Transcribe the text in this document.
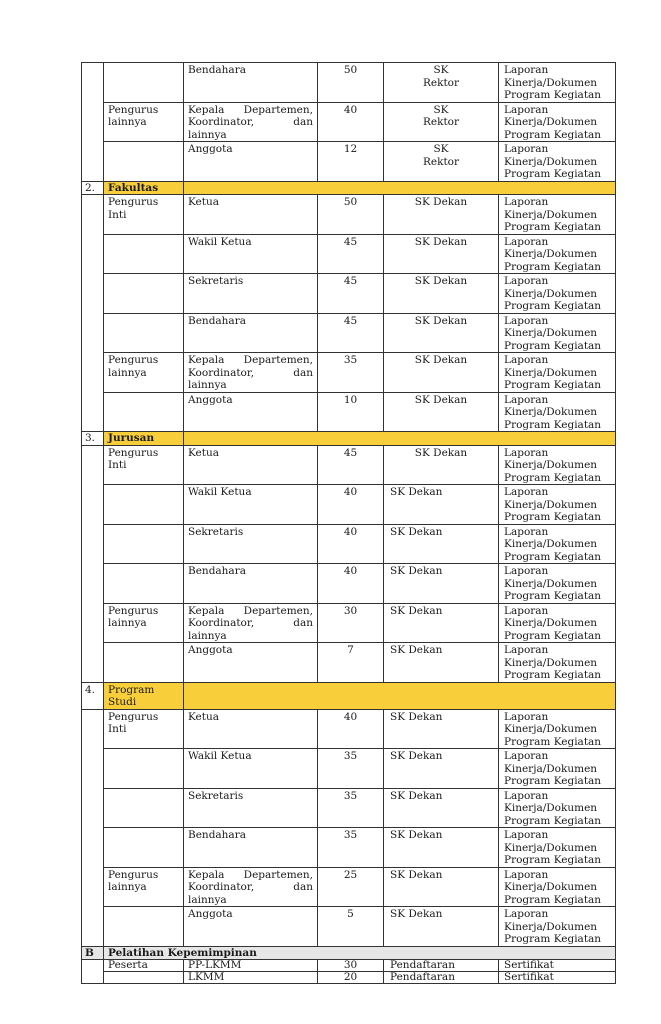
		Bendahara	50	SK
Rektor	Laporan
Kinerja/Dokumen
Program Kegiatan

	Pengurus lainnya	Kepala Departemen, Koordinator, dan lainnya	40	SK
Rektor	Laporan
Kinerja/Dokumen
Program Kegiatan

		Anggota	12	SK
Rektor	Laporan
Kinerja/Dokumen
Program Kegiatan

2.	Fakultas				
	Pengurus Inti	Ketua	50	SK Dekan	Laporan
Kinerja/Dokumen
Program Kegiatan

		Wakil Ketua	45	SK Dekan	Laporan
Kinerja/Dokumen
Program Kegiatan

		Sekretaris	45	SK Dekan	Laporan
Kinerja/Dokumen
Program Kegiatan

		Bendahara	45	SK Dekan	Laporan
Kinerja/Dokumen
Program Kegiatan

	Pengurus lainnya	Kepala Departemen, Koordinator, dan lainnya	35	SK Dekan	Laporan
Kinerja/Dokumen
Program Kegiatan

		Anggota	10	SK Dekan	Laporan
Kinerja/Dokumen
Program Kegiatan

3.	Jurusan				
	Pengurus Inti	Ketua	45	SK Dekan	Laporan
Kinerja/Dokumen
Program Kegiatan

		Wakil Ketua	40	SK Dekan	Laporan
Kinerja/Dokumen
Program Kegiatan

		Sekretaris	40	SK Dekan	Laporan
Kinerja/Dokumen
Program Kegiatan

		Bendahara	40	SK Dekan	Laporan
Kinerja/Dokumen
Program Kegiatan

	Pengurus lainnya	Kepala Departemen, Koordinator, dan lainnya	30	SK Dekan	Laporan
Kinerja/Dokumen
Program Kegiatan

		Anggota	7	SK Dekan	Laporan
Kinerja/Dokumen
Program Kegiatan

4.	Program Studi				
	Pengurus Inti	Ketua	40	SK Dekan	Laporan
Kinerja/Dokumen
Program Kegiatan

		Wakil Ketua	35	SK Dekan	Laporan
Kinerja/Dokumen
Program Kegiatan

		Sekretaris	35	SK Dekan	Laporan
Kinerja/Dokumen
Program Kegiatan

		Bendahara	35	SK Dekan	Laporan
Kinerja/Dokumen
Program Kegiatan

	Pengurus lainnya	Kepala Departemen, Koordinator, dan lainnya	25	SK Dekan	Laporan
Kinerja/Dokumen
Program Kegiatan

		Anggota	5	SK Dekan	Laporan
Kinerja/Dokumen
Program Kegiatan

B	Pelatihan Kepemimpinan				
	Peserta	PP-LKMM	30	Pendaftaran	Sertifikat
		LKMM	20	Pendaftaran	Sertifikat
